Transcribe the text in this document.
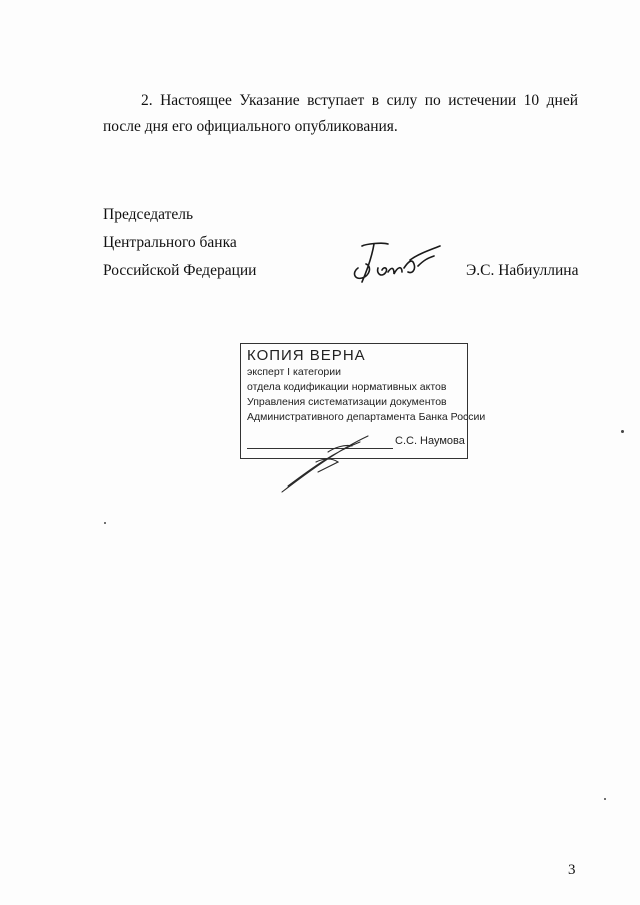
2. Настоящее Указание вступает в силу по истечении 10 дней
после дня его официального опубликования.
Председатель
Центрального банка
Российской Федерации	Э.С. Набиуллина
КОПИЯ ВЕРНА
эксперт I категории
отдела кодификации нормативных актов
Управления систематизации документов
Административного департамента Банка России
С.С. Наумова
3
